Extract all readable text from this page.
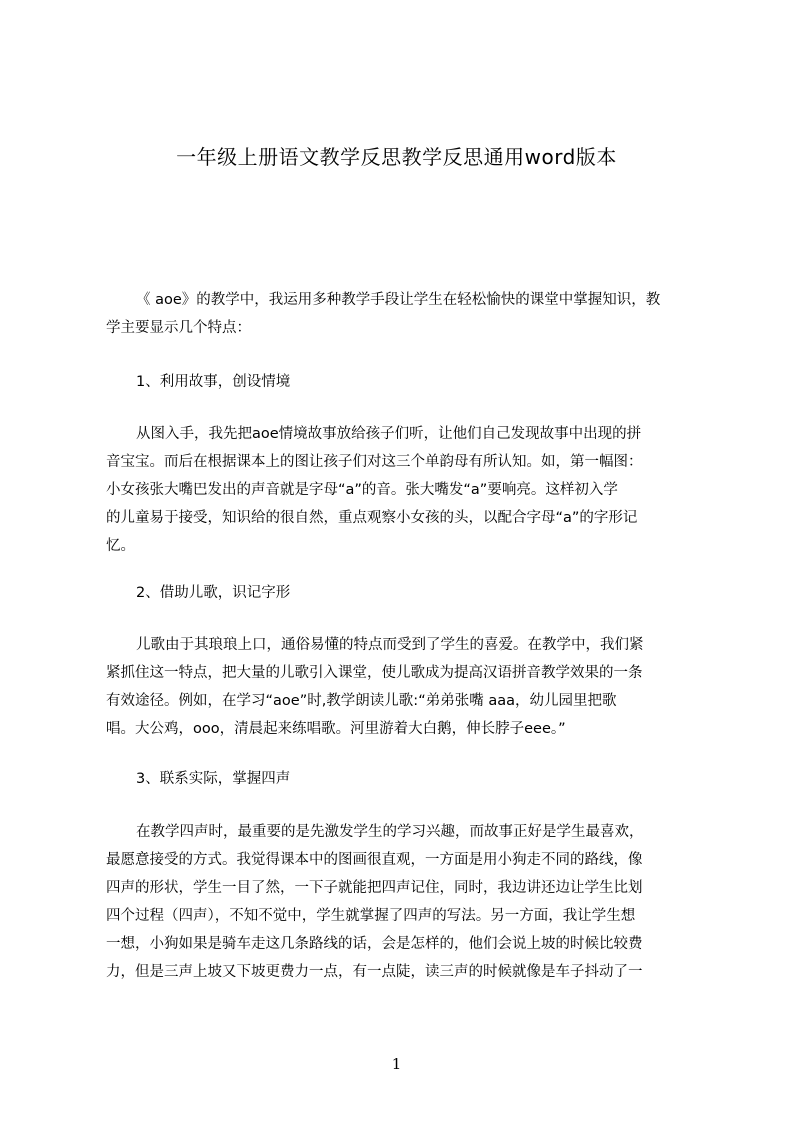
一年级上册语文教学反思教学反思通用word版本
《 aoe》的教学中，我运用多种教学手段让学生在轻松愉快的课堂中掌握知识，教
学主要显示几个特点：
1、利用故事，创设情境
从图入手，我先把aoe情境故事放给孩子们听，让他们自己发现故事中出现的拼
音宝宝。而后在根据课本上的图让孩子们对这三个单韵母有所认知。如，第一幅图：
小女孩张大嘴巴发出的声音就是字母“a”的音。张大嘴发“a”要响亮。这样初入学
的儿童易于接受，知识给的很自然，重点观察小女孩的头，以配合字母“a”的字形记
忆。
2、借助儿歌，识记字形
儿歌由于其琅琅上口，通俗易懂的特点而受到了学生的喜爱。在教学中，我们紧
紧抓住这一特点，把大量的儿歌引入课堂，使儿歌成为提高汉语拼音教学效果的一条
有效途径。例如，在学习“aoe”时,教学朗读儿歌:“弟弟张嘴 aaa，幼儿园里把歌
唱。大公鸡，ooo，清晨起来练唱歌。河里游着大白鹅，伸长脖子eee。”
3、联系实际，掌握四声
在教学四声时，最重要的是先激发学生的学习兴趣，而故事正好是学生最喜欢，
最愿意接受的方式。我觉得课本中的图画很直观，一方面是用小狗走不同的路线，像
四声的形状，学生一目了然，一下子就能把四声记住，同时，我边讲还边让学生比划
四个过程（四声），不知不觉中，学生就掌握了四声的写法。另一方面，我让学生想
一想，小狗如果是骑车走这几条路线的话，会是怎样的，他们会说上坡的时候比较费
力，但是三声上坡又下坡更费力一点，有一点陡，读三声的时候就像是车子抖动了一
1
